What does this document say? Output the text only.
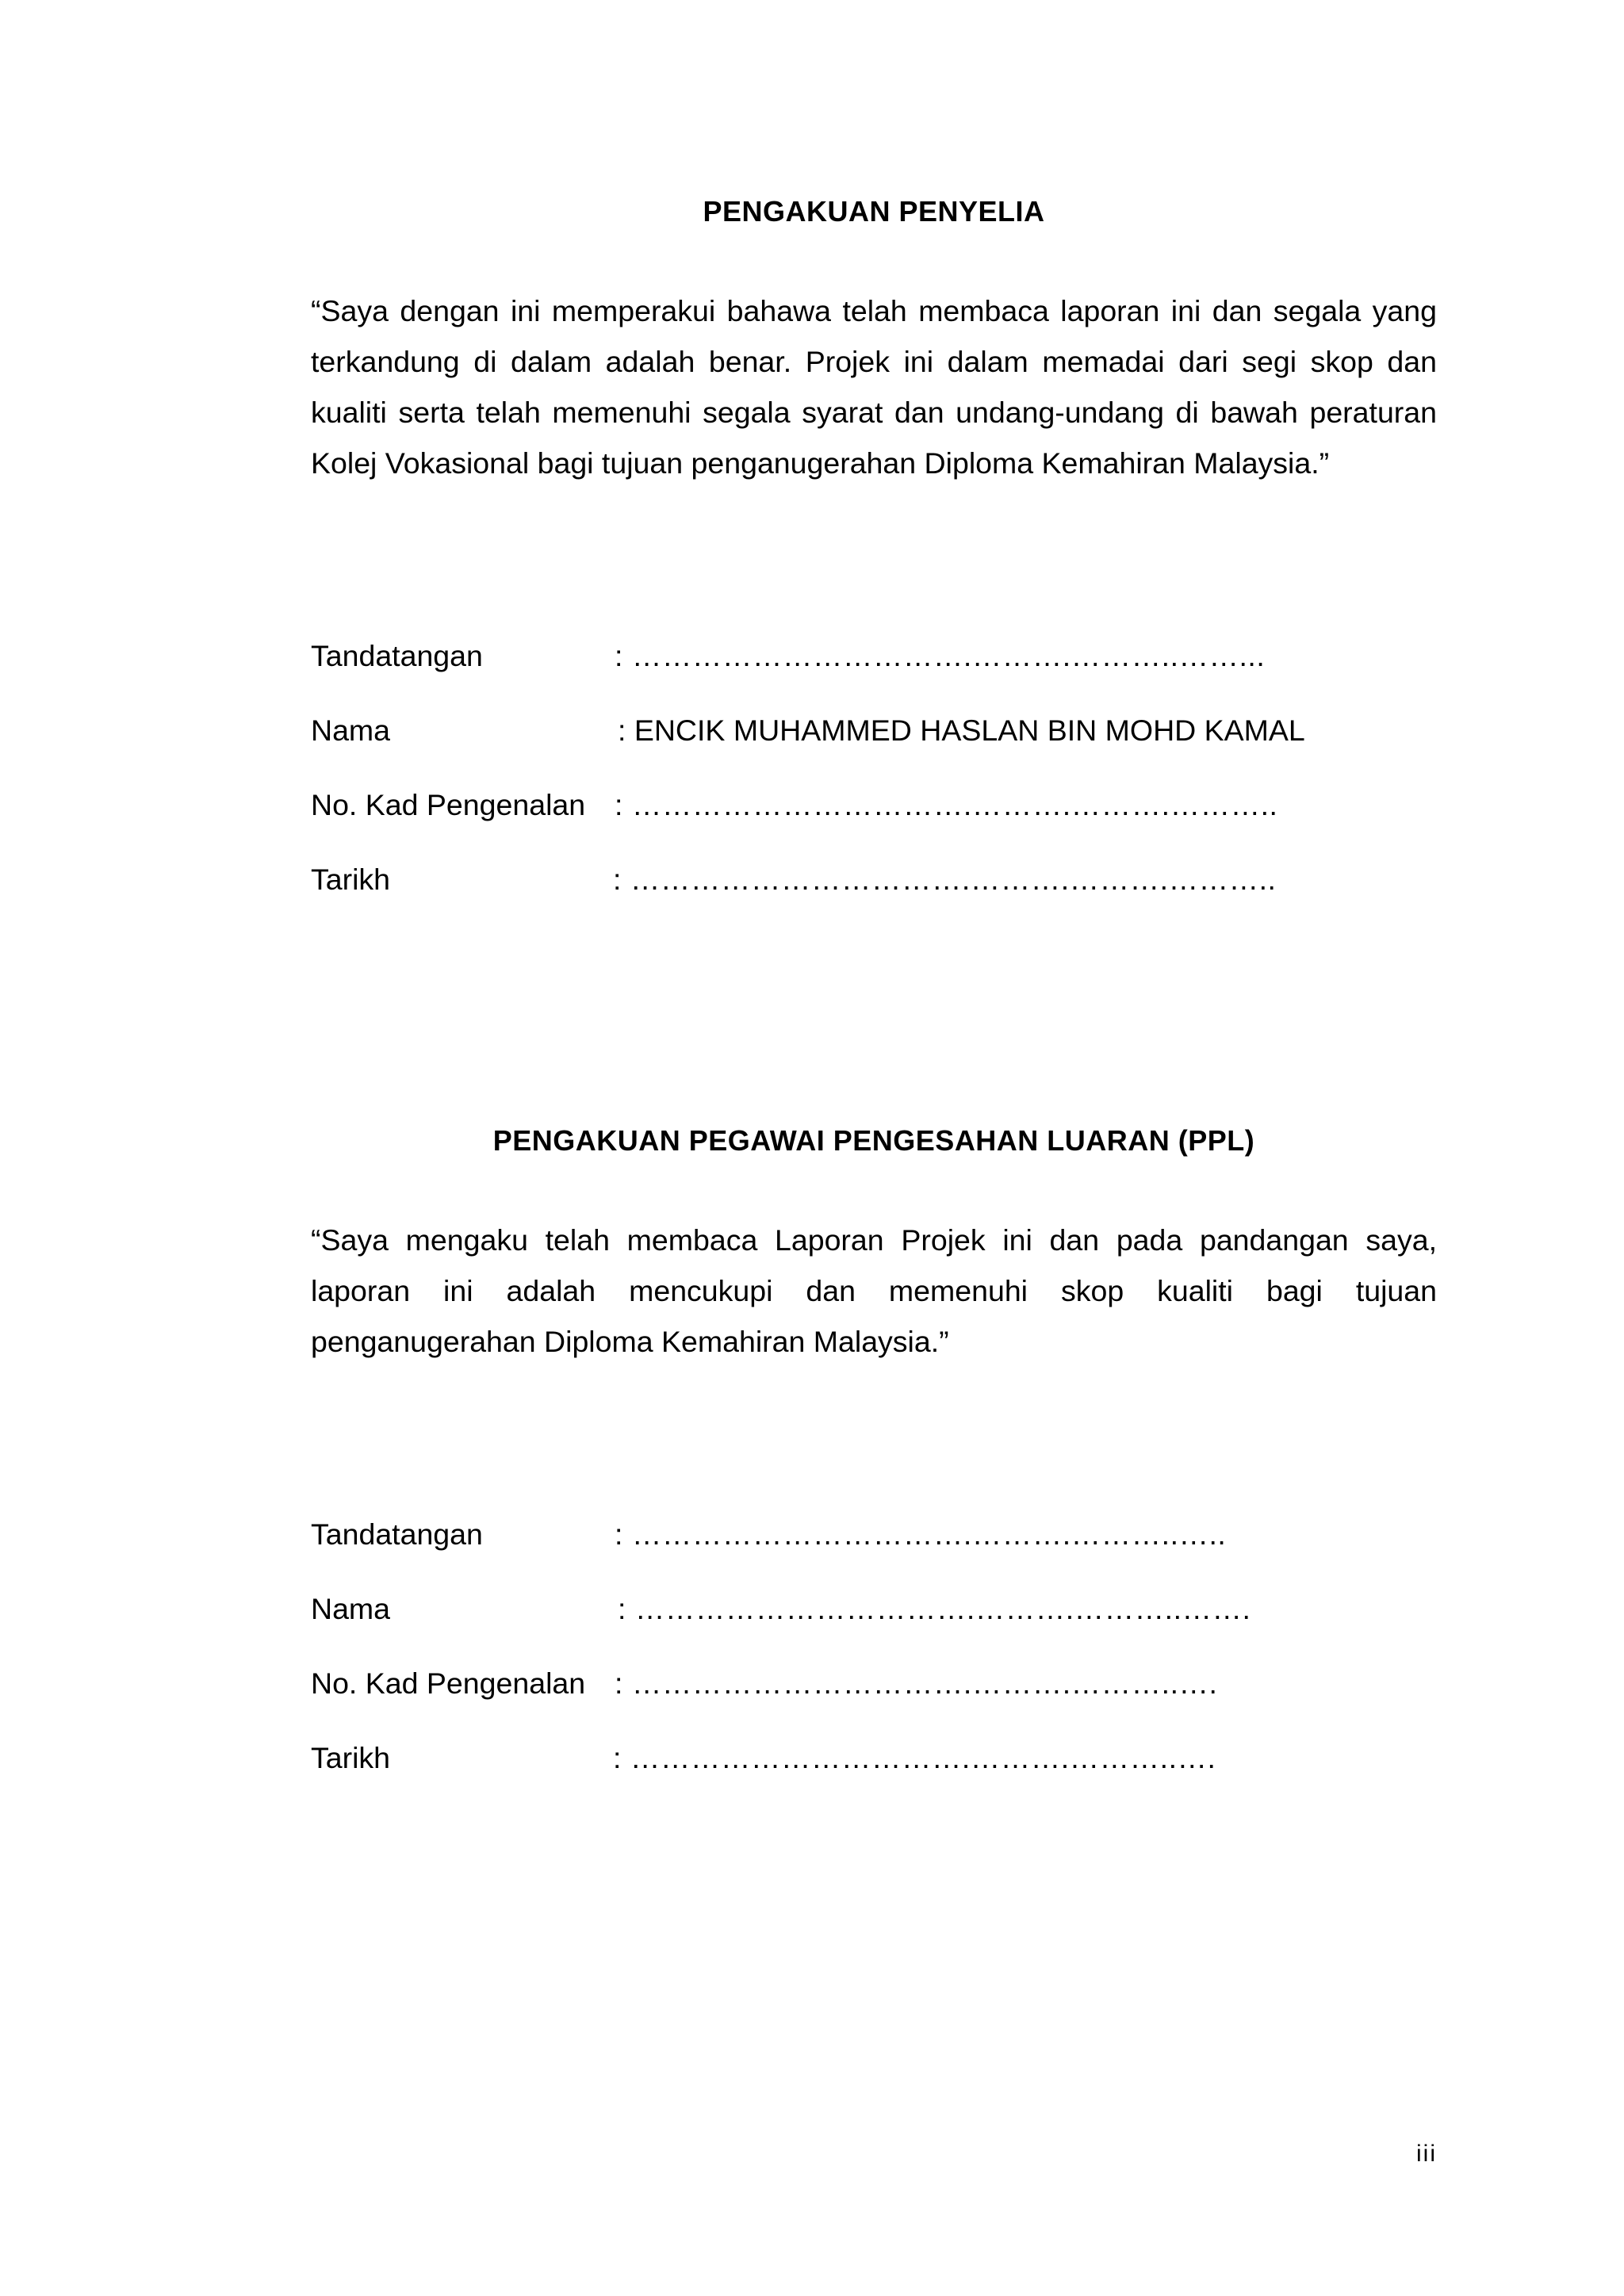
PENGAKUAN PENYELIA

“Saya dengan ini memperakui bahawa telah membaca laporan ini dan segala yang terkandung di dalam adalah benar. Projek ini dalam memadai dari segi skop dan kualiti serta telah memenuhi segala syarat dan undang-undang di bawah peraturan Kolej Vokasional bagi tujuan penganugerahan Diploma Kemahiran Malaysia.”

Tandatangan	: …………………………….……….………..……...
Nama	: ENCIK MUHAMMED HASLAN BIN MOHD KAMAL
No. Kad Pengenalan : …………………………….……….……….………..
Tarikh	: …………………………….……….……….………..
PENGAKUAN PEGAWAI PENGESAHAN LUARAN (PPL)

“Saya mengaku telah membaca Laporan Projek ini dan pada pandangan saya, laporan ini adalah mencukupi dan memenuhi skop kualiti bagi tujuan penganugerahan Diploma Kemahiran Malaysia.”

Tandatangan	: …………………………….……….………..…..
Nama	: …………………………….……….………..…….
No. Kad Pengenalan : …………………………….……….………..….
Tarikh	: …………………………….……….………..….
iii
